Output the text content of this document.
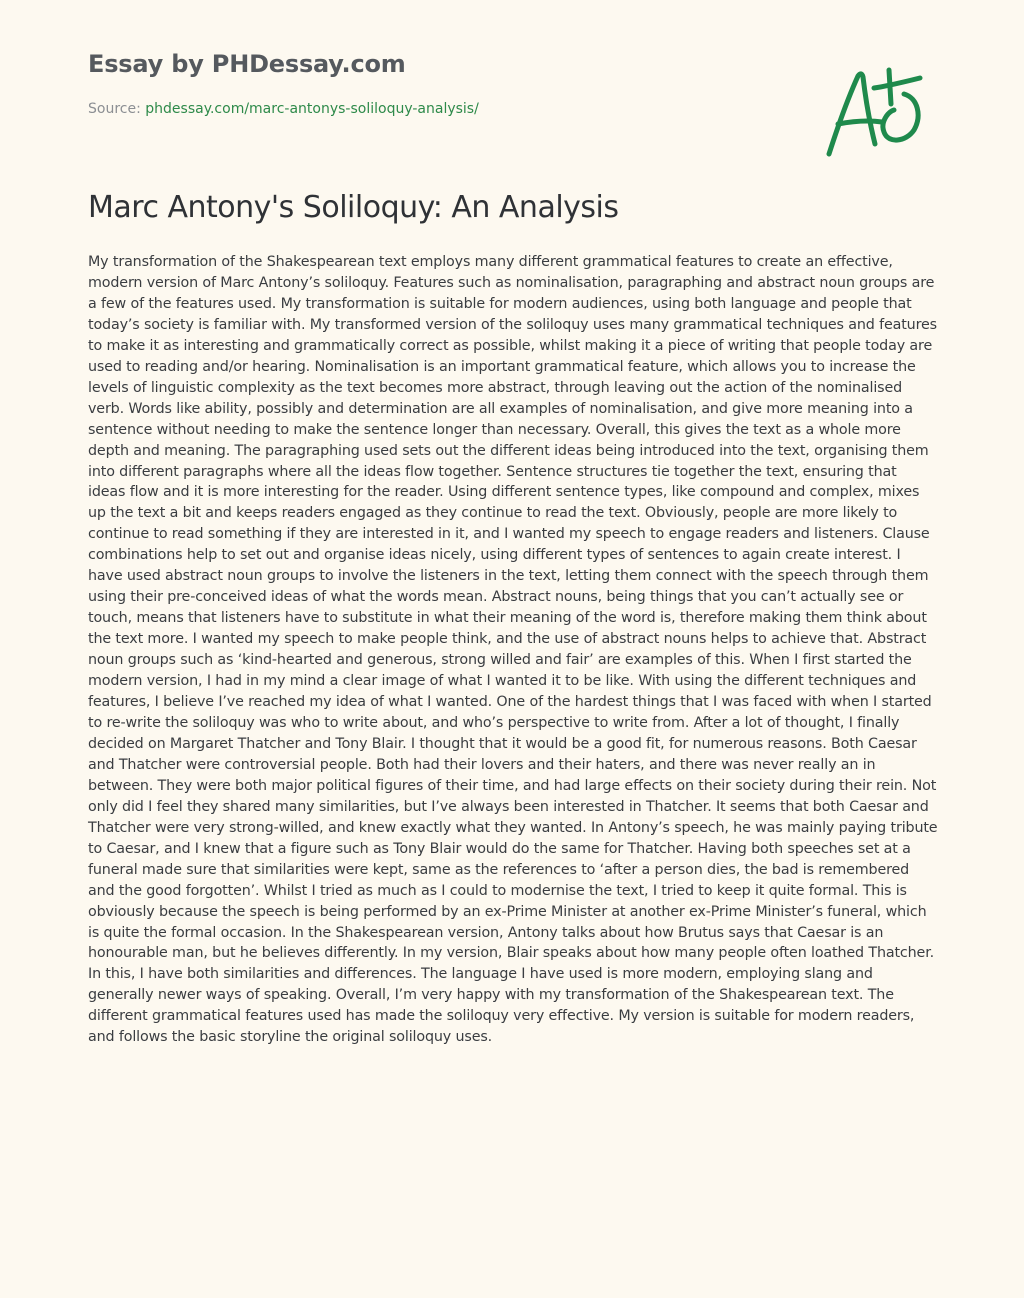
Essay by PHDessay.com
Source: phdessay.com/marc-antonys-soliloquy-analysis/
Marc Antony's Soliloquy: An Analysis

My transformation of the Shakespearean text employs many different grammatical features to create an effective, modern version of Marc Antony’s soliloquy. Features such as nominalisation, paragraphing and abstract noun groups are a few of the features used. My transformation is suitable for modern audiences, using both language and people that today’s society is familiar with. My transformed version of the soliloquy uses many grammatical techniques and features to make it as interesting and grammatically correct as possible, whilst making it a piece of writing that people today are used to reading and/or hearing. Nominalisation is an important grammatical feature, which allows you to increase the levels of linguistic complexity as the text becomes more abstract, through leaving out the action of the nominalised verb. Words like ability, possibly and determination are all examples of nominalisation, and give more meaning into a sentence without needing to make the sentence longer than necessary. Overall, this gives the text as a whole more depth and meaning. The paragraphing used sets out the different ideas being introduced into the text, organising them into different paragraphs where all the ideas flow together. Sentence structures tie together the text, ensuring that ideas flow and it is more interesting for the reader. Using different sentence types, like compound and complex, mixes up the text a bit and keeps readers engaged as they continue to read the text. Obviously, people are more likely to continue to read something if they are interested in it, and I wanted my speech to engage readers and listeners. Clause combinations help to set out and organise ideas nicely, using different types of sentences to again create interest. I have used abstract noun groups to involve the listeners in the text, letting them connect with the speech through them using their pre-conceived ideas of what the words mean. Abstract nouns, being things that you can’t actually see or touch, means that listeners have to substitute in what their meaning of the word is, therefore making them think about the text more. I wanted my speech to make people think, and the use of abstract nouns helps to achieve that. Abstract noun groups such as ‘kind-hearted and generous, strong willed and fair’ are examples of this. When I first started the modern version, I had in my mind a clear image of what I wanted it to be like. With using the different techniques and features, I believe I’ve reached my idea of what I wanted. One of the hardest things that I was faced with when I started to re-write the soliloquy was who to write about, and who’s perspective to write from. After a lot of thought, I finally decided on Margaret Thatcher and Tony Blair. I thought that it would be a good fit, for numerous reasons. Both Caesar and Thatcher were controversial people. Both had their lovers and their haters, and there was never really an in between. They were both major political figures of their time, and had large effects on their society during their rein. Not only did I feel they shared many similarities, but I’ve always been interested in Thatcher. It seems that both Caesar and Thatcher were very strong-willed, and knew exactly what they wanted. In Antony’s speech, he was mainly paying tribute to Caesar, and I knew that a figure such as Tony Blair would do the same for Thatcher. Having both speeches set at a funeral made sure that similarities were kept, same as the references to ‘after a person dies, the bad is remembered and the good forgotten’. Whilst I tried as much as I could to modernise the text, I tried to keep it quite formal. This is obviously because the speech is being performed by an ex-Prime Minister at another ex-Prime Minister’s funeral, which is quite the formal occasion. In the Shakespearean version, Antony talks about how Brutus says that Caesar is an honourable man, but he believes differently. In my version, Blair speaks about how many people often loathed Thatcher. In this, I have both similarities and differences. The language I have used is more modern, employing slang and generally newer ways of speaking. Overall, I’m very happy with my transformation of the Shakespearean text. The different grammatical features used has made the soliloquy very effective. My version is suitable for modern readers, and follows the basic storyline the original soliloquy uses.
